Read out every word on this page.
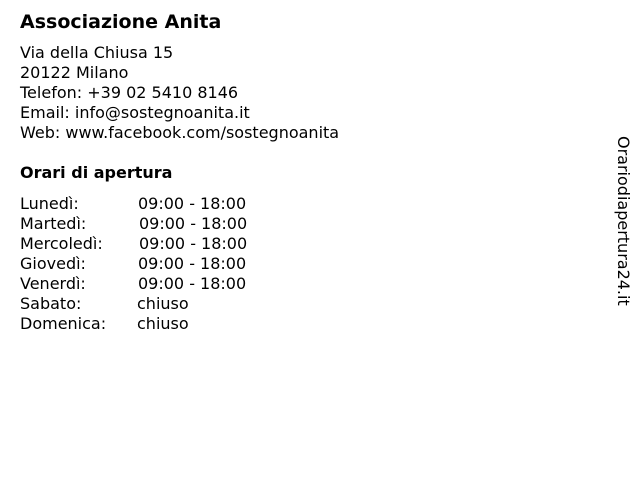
Associazione Anita
Via della Chiusa 15
20122 Milano
Telefon: +39 02 5410 8146
Email: info@sostegnoanita.it
Web: www.facebook.com/sostegnoanita
Orari di apertura
Lunedì:	09:00 - 18:00
Martedì:	09:00 - 18:00
Mercoledì: 09:00 - 18:00
Giovedì:	09:00 - 18:00
Venerdì:	09:00 - 18:00
Sabato:	chiuso
Domenica: chiuso
Orariodiapertura24.it
